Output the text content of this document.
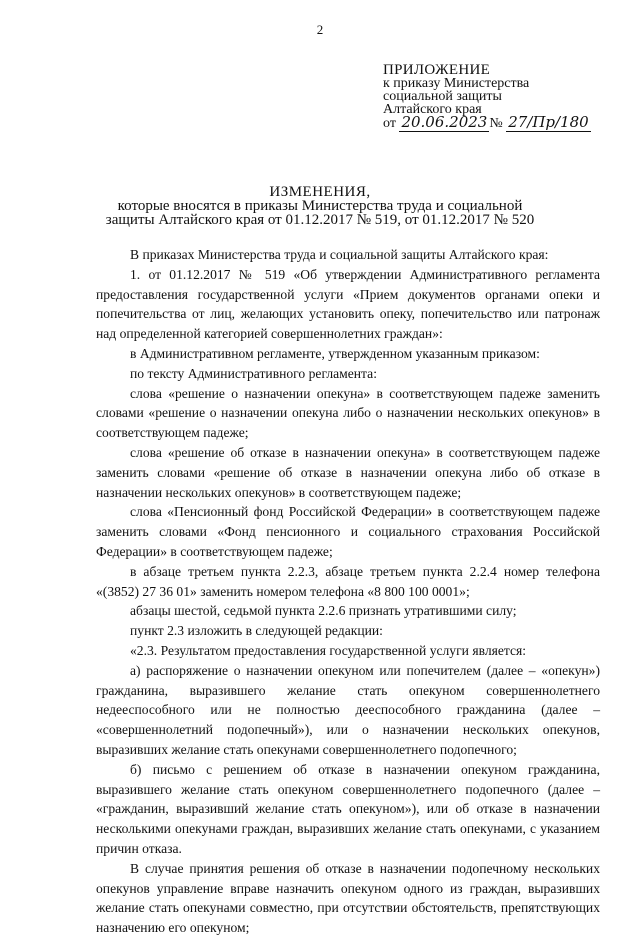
2
ПРИЛОЖЕНИЕ
к приказу Министерства
социальной защиты
Алтайского края
от 20.06.2023 № 27/Пр/180
ИЗМЕНЕНИЯ,
которые вносятся в приказы Министерства труда и социальной
защиты Алтайского края от 01.12.2017 № 519, от 01.12.2017 № 520

В приказах Министерства труда и социальной защиты Алтайского края:

1. от 01.12.2017 № 519 «Об утверждении Административного регламента предоставления государственной услуги «Прием документов органами опеки и попечительства от лиц, желающих установить опеку, попечительство или патронаж над определенной категорией совершеннолетних граждан»:

в Административном регламенте, утвержденном указанным приказом:

по тексту Административного регламента:

слова «решение о назначении опекуна» в соответствующем падеже заменить словами «решение о назначении опекуна либо о назначении нескольких опекунов» в соответствующем падеже;

слова «решение об отказе в назначении опекуна» в соответствующем падеже заменить словами «решение об отказе в назначении опекуна либо об отказе в назначении нескольких опекунов» в соответствующем падеже;

слова «Пенсионный фонд Российской Федерации» в соответствующем падеже заменить словами «Фонд пенсионного и социального страхования Российской Федерации» в соответствующем падеже;

в абзаце третьем пункта 2.2.3, абзаце третьем пункта 2.2.4 номер телефона «(3852) 27 36 01» заменить номером телефона «8 800 100 0001»;

абзацы шестой, седьмой пункта 2.2.6 признать утратившими силу;

пункт 2.3 изложить в следующей редакции:

«2.3. Результатом предоставления государственной услуги является:

а) распоряжение о назначении опекуном или попечителем (далее – «опекун») гражданина, выразившего желание стать опекуном совершеннолетнего недееспособного или не полностью дееспособного гражданина (далее – «совершеннолетний подопечный»), или о назначении нескольких опекунов, выразивших желание стать опекунами совершеннолетнего подопечного;

б) письмо с решением об отказе в назначении опекуном гражданина, выразившего желание стать опекуном совершеннолетнего подопечного (далее – «гражданин, выразивший желание стать опекуном»), или об отказе в назначении несколькими опекунами граждан, выразивших желание стать опекунами, с указанием причин отказа.

В случае принятия решения об отказе в назначении подопечному нескольких опекунов управление вправе назначить опекуном одного из граждан, выразивших желание стать опекунами совместно, при отсутствии обстоятельств, препятствующих назначению его опекуном;
